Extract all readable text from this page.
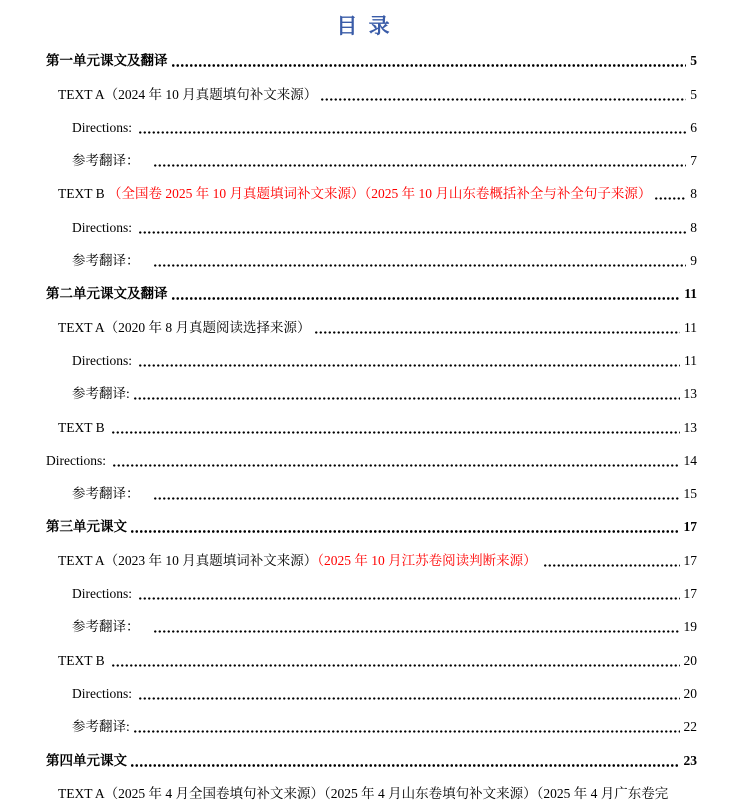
目 录
第一单元课文及翻译	5
TEXT A（2024 年 10 月真题填句补文来源）	5
Directions:	6
参考翻译：	7
TEXT B （全国卷 2025 年 10 月真题填词补文来源）（2025 年 10 月山东卷概括补全与补全句子来源）	8
Directions:	8
参考翻译：	9
第二单元课文及翻译	11
TEXT A（2020 年 8 月真题阅读选择来源）	11
Directions:	11
参考翻译:	13
TEXT B	13
Directions:	14
参考翻译：	15
第三单元课文	17
TEXT A（2023 年 10 月真题填词补文来源）（2025 年 10 月江苏卷阅读判断来源）	17
Directions:	17
参考翻译：	19
TEXT B	20
Directions:	20
参考翻译:	22
第四单元课文	23
TEXT A（2025 年 4 月全国卷填句补文来源）（2025 年 4 月山东卷填句补文来源）（2025 年 4 月广东卷完
